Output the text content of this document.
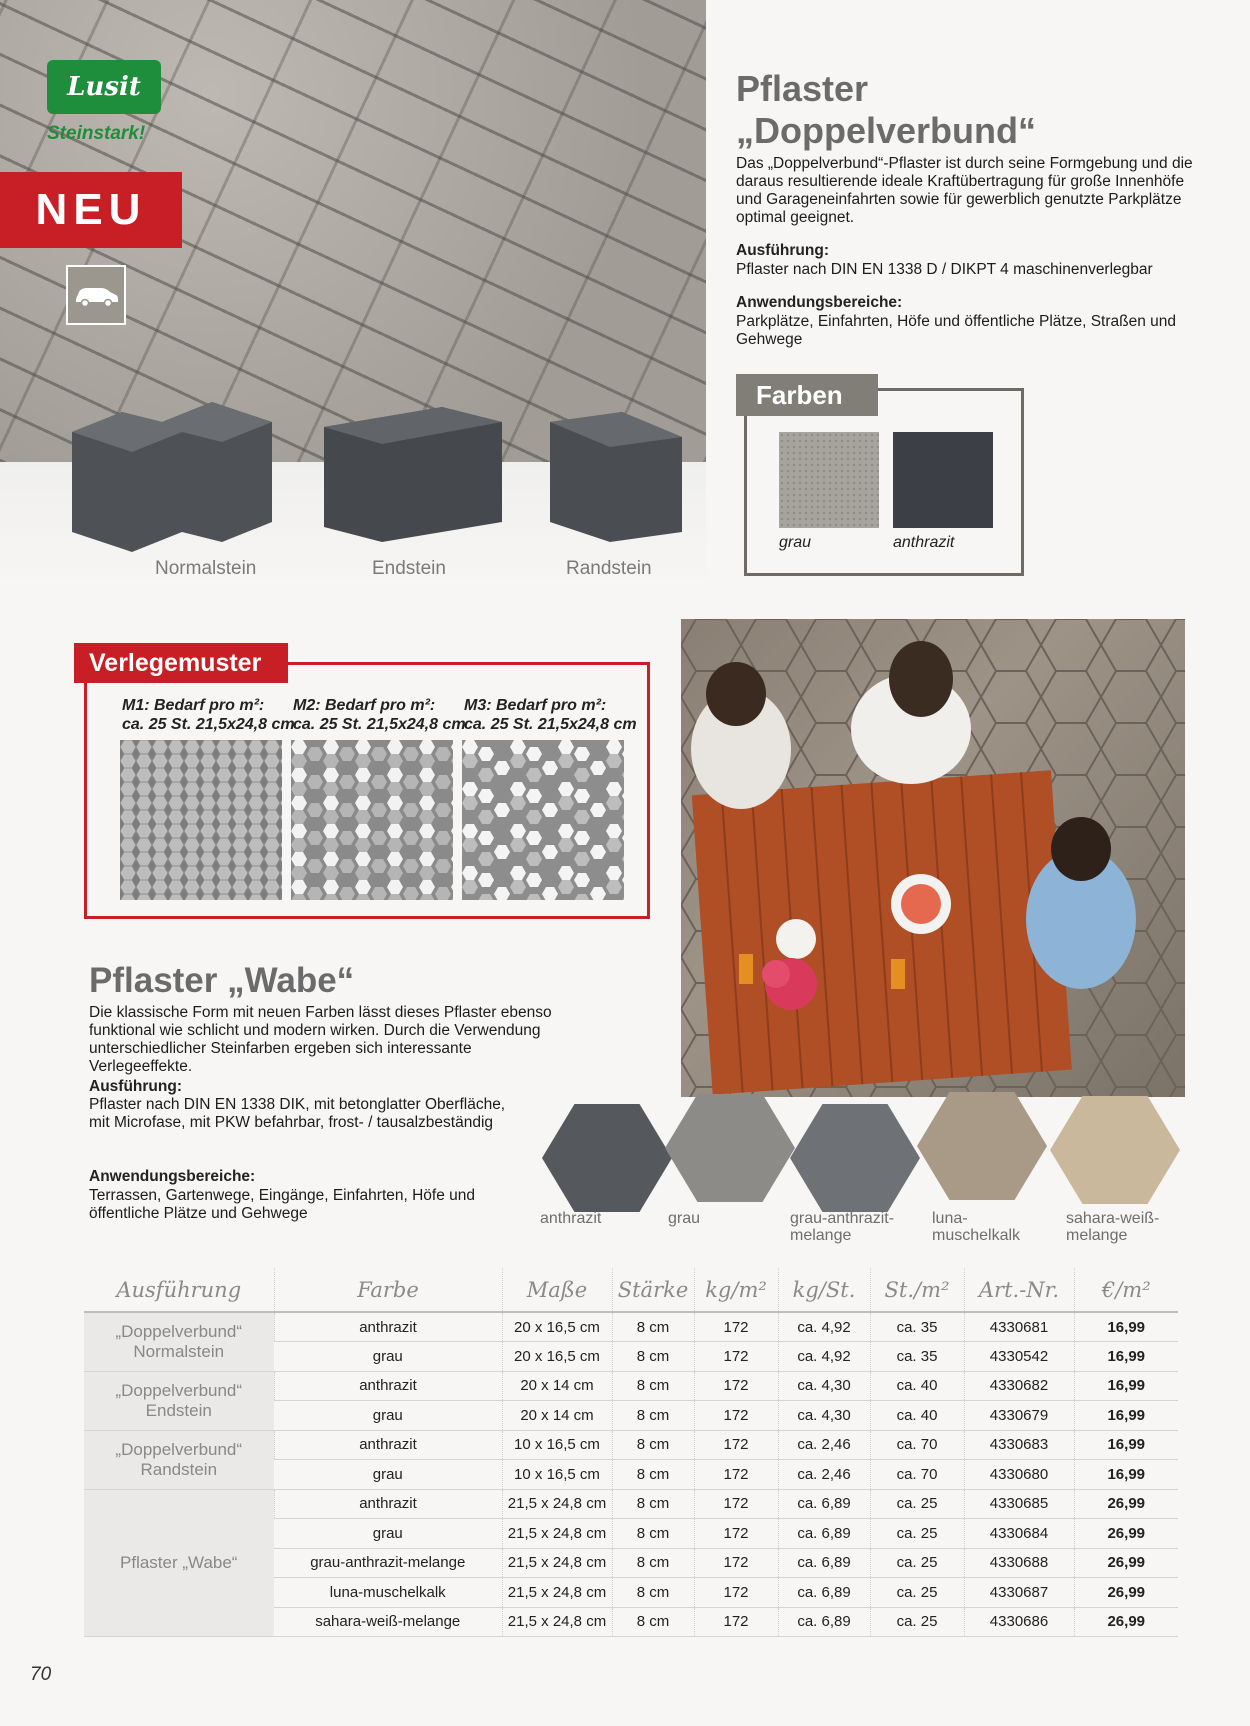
Lusit
Steinstark!
NEU
Normalstein	Endstein	Randstein
Pflaster
„Doppelverbund“
Das „Doppelverbund“-Pflaster ist durch seine Formgebung und die daraus resultierende ideale Kraftübertragung für große Innenhöfe und Garageneinfahrten sowie für gewerblich genutzte Parkplätze optimal geeignet.
Ausführung:
Pflaster nach DIN EN 1338 D / DIKPT 4 maschinenverlegbar
Anwendungsbereiche:
Parkplätze, Einfahrten, Höfe und öffentliche Plätze, Straßen und Gehwege
Farben
grau	anthrazit
Verlegemuster
M1: Bedarf pro m²:
ca. 25 St. 21,5x24,8 cm
M2: Bedarf pro m²:
ca. 25 St. 21,5x24,8 cm
M3: Bedarf pro m²:
ca. 25 St. 21,5x24,8 cm
Pflaster „Wabe“
Die klassische Form mit neuen Farben lässt dieses Pflaster ebenso funktional wie schlicht und modern wirken. Durch die Verwendung unterschiedlicher Steinfarben ergeben sich interessante Verlegeeffekte.
Ausführung:
Pflaster nach DIN EN 1338 DIK, mit betonglatter Oberfläche, mit Microfase, mit PKW befahrbar, frost- / tausalzbeständig
Anwendungsbereiche:
Terrassen, Gartenwege, Eingänge, Einfahrten, Höfe und öffentliche Plätze und Gehwege	anthrazit	grau	grau-anthrazit-
melange
luna-
muschelkalk
sahara-weiß-
melange
Ausführung	Farbe	Maße	Stärke	kg/m²	kg/St.	St./m²	Art.-Nr.	€/m²
„Doppelverbund“
Normalstein	anthrazit	20 x 16,5 cm	8 cm	172	ca. 4,92	ca. 35	4330681	16,99
	grau	20 x 16,5 cm	8 cm	172	ca. 4,92	ca. 35	4330542	16,99
„Doppelverbund“
Endstein	anthrazit	20 x 14 cm	8 cm	172	ca. 4,30	ca. 40	4330682	16,99
	grau	20 x 14 cm	8 cm	172	ca. 4,30	ca. 40	4330679	16,99
„Doppelverbund“
Randstein	anthrazit	10 x 16,5 cm	8 cm	172	ca. 2,46	ca. 70	4330683	16,99
	grau	10 x 16,5 cm	8 cm	172	ca. 2,46	ca. 70	4330680	16,99
Pflaster „Wabe“	anthrazit	21,5 x 24,8 cm	8 cm	172	ca. 6,89	ca. 25	4330685	26,99
	grau	21,5 x 24,8 cm	8 cm	172	ca. 6,89	ca. 25	4330684	26,99
	grau-anthrazit-melange	21,5 x 24,8 cm	8 cm	172	ca. 6,89	ca. 25	4330688	26,99
	luna-muschelkalk	21,5 x 24,8 cm	8 cm	172	ca. 6,89	ca. 25	4330687	26,99
	sahara-weiß-melange	21,5 x 24,8 cm	8 cm	172	ca. 6,89	ca. 25	4330686	26,99
70
